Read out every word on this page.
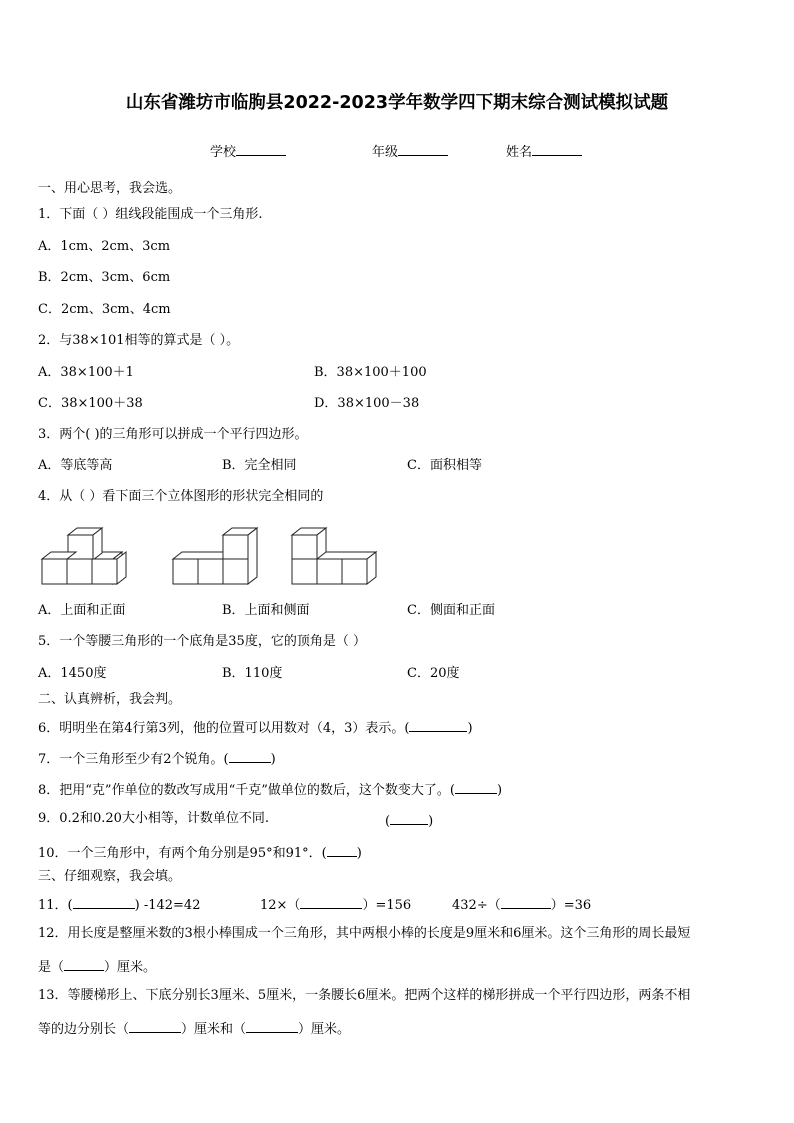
山东省潍坊市临朐县2022-2023学年数学四下期末综合测试模拟试题
学校	年级	姓名
一、用心思考，我会选。
1．下面（ ）组线段能围成一个三角形.
A．1cm、2cm、3cm
B．2cm、3cm、6cm
C．2cm、3cm、4cm
2．与38×101相等的算式是（ ）。
A．38×100＋1	B．38×100＋100
C．38×100＋38	D．38×100－38
3．两个( )的三角形可以拼成一个平行四边形。
A．等底等高	B．完全相同	C．面积相等
4．从（ ）看下面三个立体图形的形状完全相同的
A．上面和正面	B．上面和侧面	C．侧面和正面
5．一个等腰三角形的一个底角是35度，它的顶角是（ ）
A．1450度	B．110度	C．20度
二、认真辨析，我会判。
6．明明坐在第4行第3列，他的位置可以用数对（4，3）表示。(	)
7．一个三角形至少有2个锐角。(	)
8．把用“克”作单位的数改写成用“千克”做单位的数后，这个数变大了。(	)
9．0.2和0.20大小相等，计数单位不同.	(	)
10．一个三角形中，有两个角分别是95°和91°．( )
三、仔细观察，我会填。
11．(	) -142=42	12×（	）=156	432÷（	）=36
12．用长度是整厘米数的3根小棒围成一个三角形，其中两根小棒的长度是9厘米和6厘米。这个三角形的周长最短
是（	）厘米。
13．等腰梯形上、下底分别长3厘米、5厘米，一条腰长6厘米。把两个这样的梯形拼成一个平行四边形，两条不相
等的边分别长（	）厘米和（	）厘米。
